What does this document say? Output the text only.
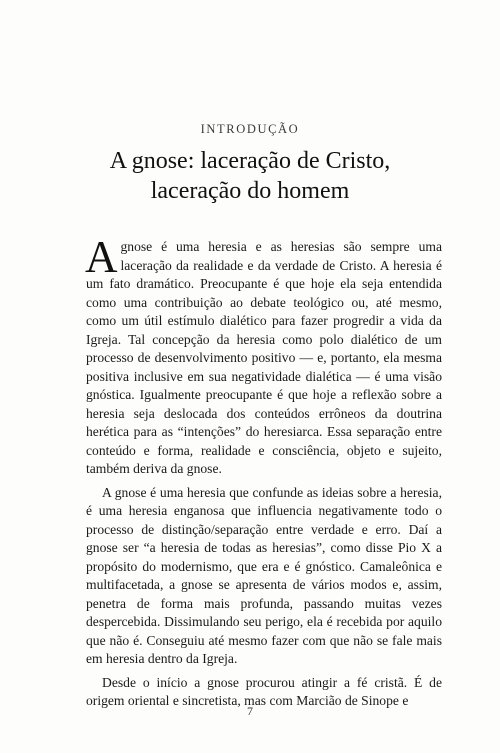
INTRODUÇÃO
A gnose: laceração de Cristo,
laceração do homem

Agnose é uma heresia e as heresias são sempre uma laceração da realidade e da verdade de Cristo. A heresia é um fato dramático. Preocupante é que hoje ela seja entendida como uma contribuição ao debate teológico ou, até mesmo, como um útil estímulo dialético para fazer progredir a vida da Igreja. Tal concepção da heresia como polo dialético de um processo de desenvolvimento positivo — e, portanto, ela mesma positiva inclusive em sua negatividade dialética — é uma visão gnóstica. Igualmente preocupante é que hoje a reflexão sobre a heresia seja deslocada dos conteúdos errôneos da doutrina herética para as “intenções” do heresiarca. Essa separação entre conteúdo e forma, realidade e consciência, objeto e sujeito, também deriva da gnose.

A gnose é uma heresia que confunde as ideias sobre a heresia, é uma heresia enganosa que influencia negativamente todo o processo de distinção/separação entre verdade e erro. Daí a gnose ser “a heresia de todas as heresias”, como disse Pio X a propósito do modernismo, que era e é gnóstico. Camaleônica e multifacetada, a gnose se apresenta de vários modos e, assim, penetra de forma mais profunda, passando muitas vezes despercebida. Dissimulando seu perigo, ela é recebida por aquilo que não é. Conseguiu até mesmo fazer com que não se fale mais em heresia dentro da Igreja.

Desde o início a gnose procurou atingir a fé cristã. É de origem oriental e sincretista, mas com Marcião de Sinope e

7
